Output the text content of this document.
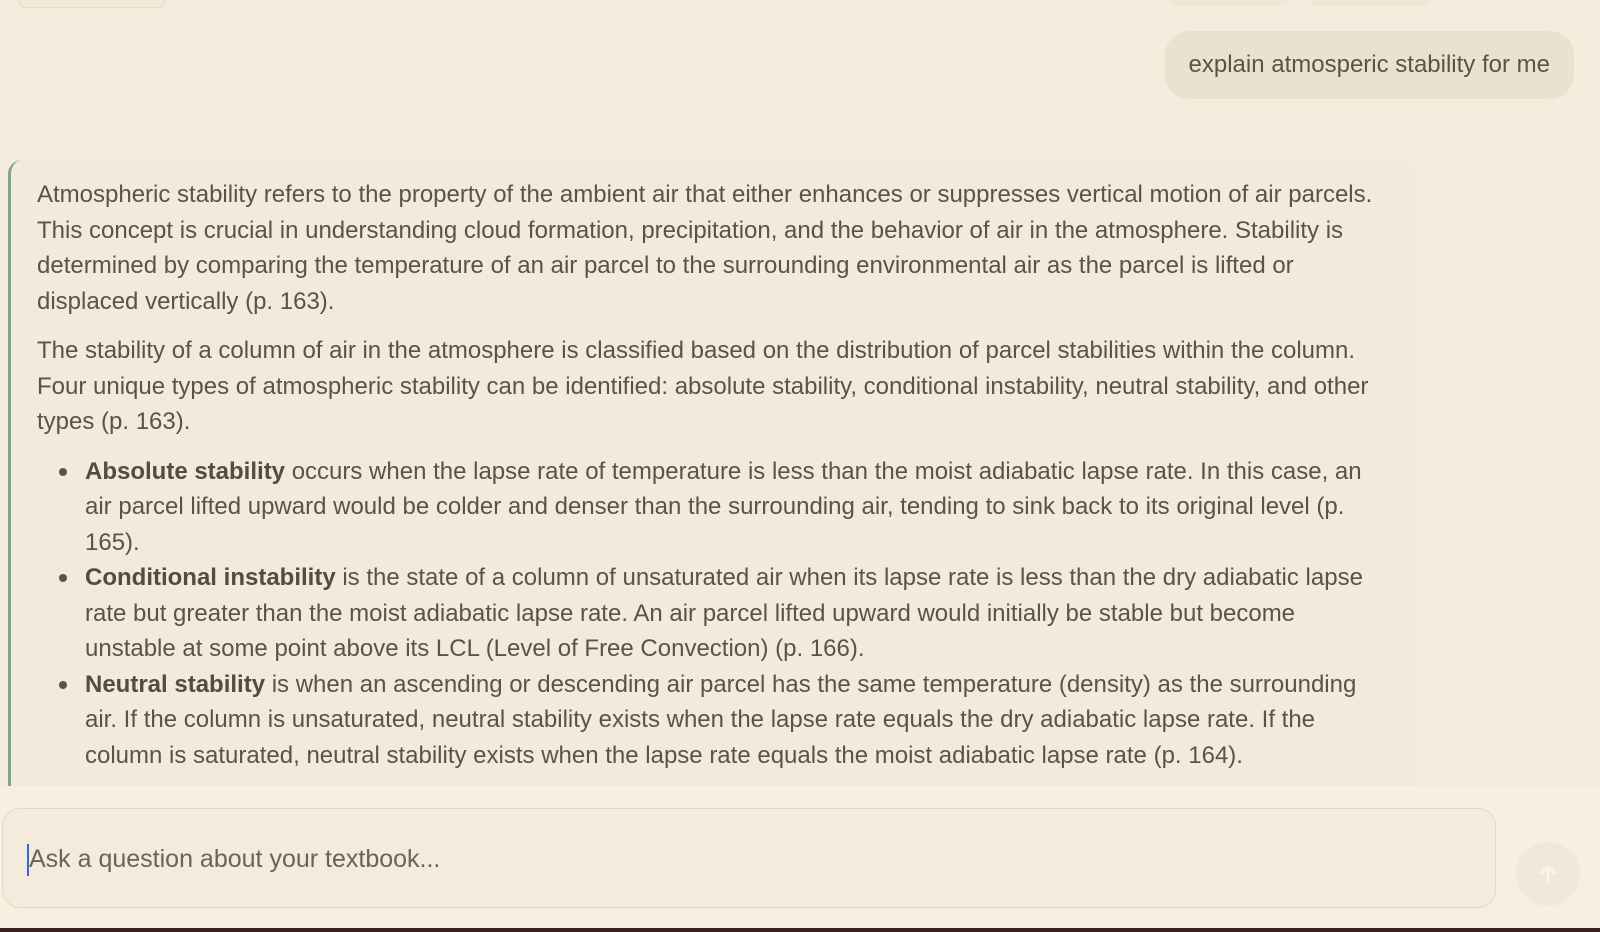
explain atmosperic stability for me

Atmospheric stability refers to the property of the ambient air that either enhances or suppresses vertical motion of air parcels. This concept is crucial in understanding cloud formation, precipitation, and the behavior of air in the atmosphere. Stability is determined by comparing the temperature of an air parcel to the surrounding environmental air as the parcel is lifted or displaced vertically (p. 163).

The stability of a column of air in the atmosphere is classified based on the distribution of parcel stabilities within the column. Four unique types of atmospheric stability can be identified: absolute stability, conditional instability, neutral stability, and other types (p. 163).

Absolute stability occurs when the lapse rate of temperature is less than the moist adiabatic lapse rate. In this case, an air parcel lifted upward would be colder and denser than the surrounding air, tending to sink back to its original level (p. 165).
Conditional instability is the state of a column of unsaturated air when its lapse rate is less than the dry adiabatic lapse rate but greater than the moist adiabatic lapse rate. An air parcel lifted upward would initially be stable but become unstable at some point above its LCL (Level of Free Convection) (p. 166).
Neutral stability is when an ascending or descending air parcel has the same temperature (density) as the surrounding air. If the column is unsaturated, neutral stability exists when the lapse rate equals the dry adiabatic lapse rate. If the column is saturated, neutral stability exists when the lapse rate equals the moist adiabatic lapse rate (p. 164).
Ask a question about your textbook...
